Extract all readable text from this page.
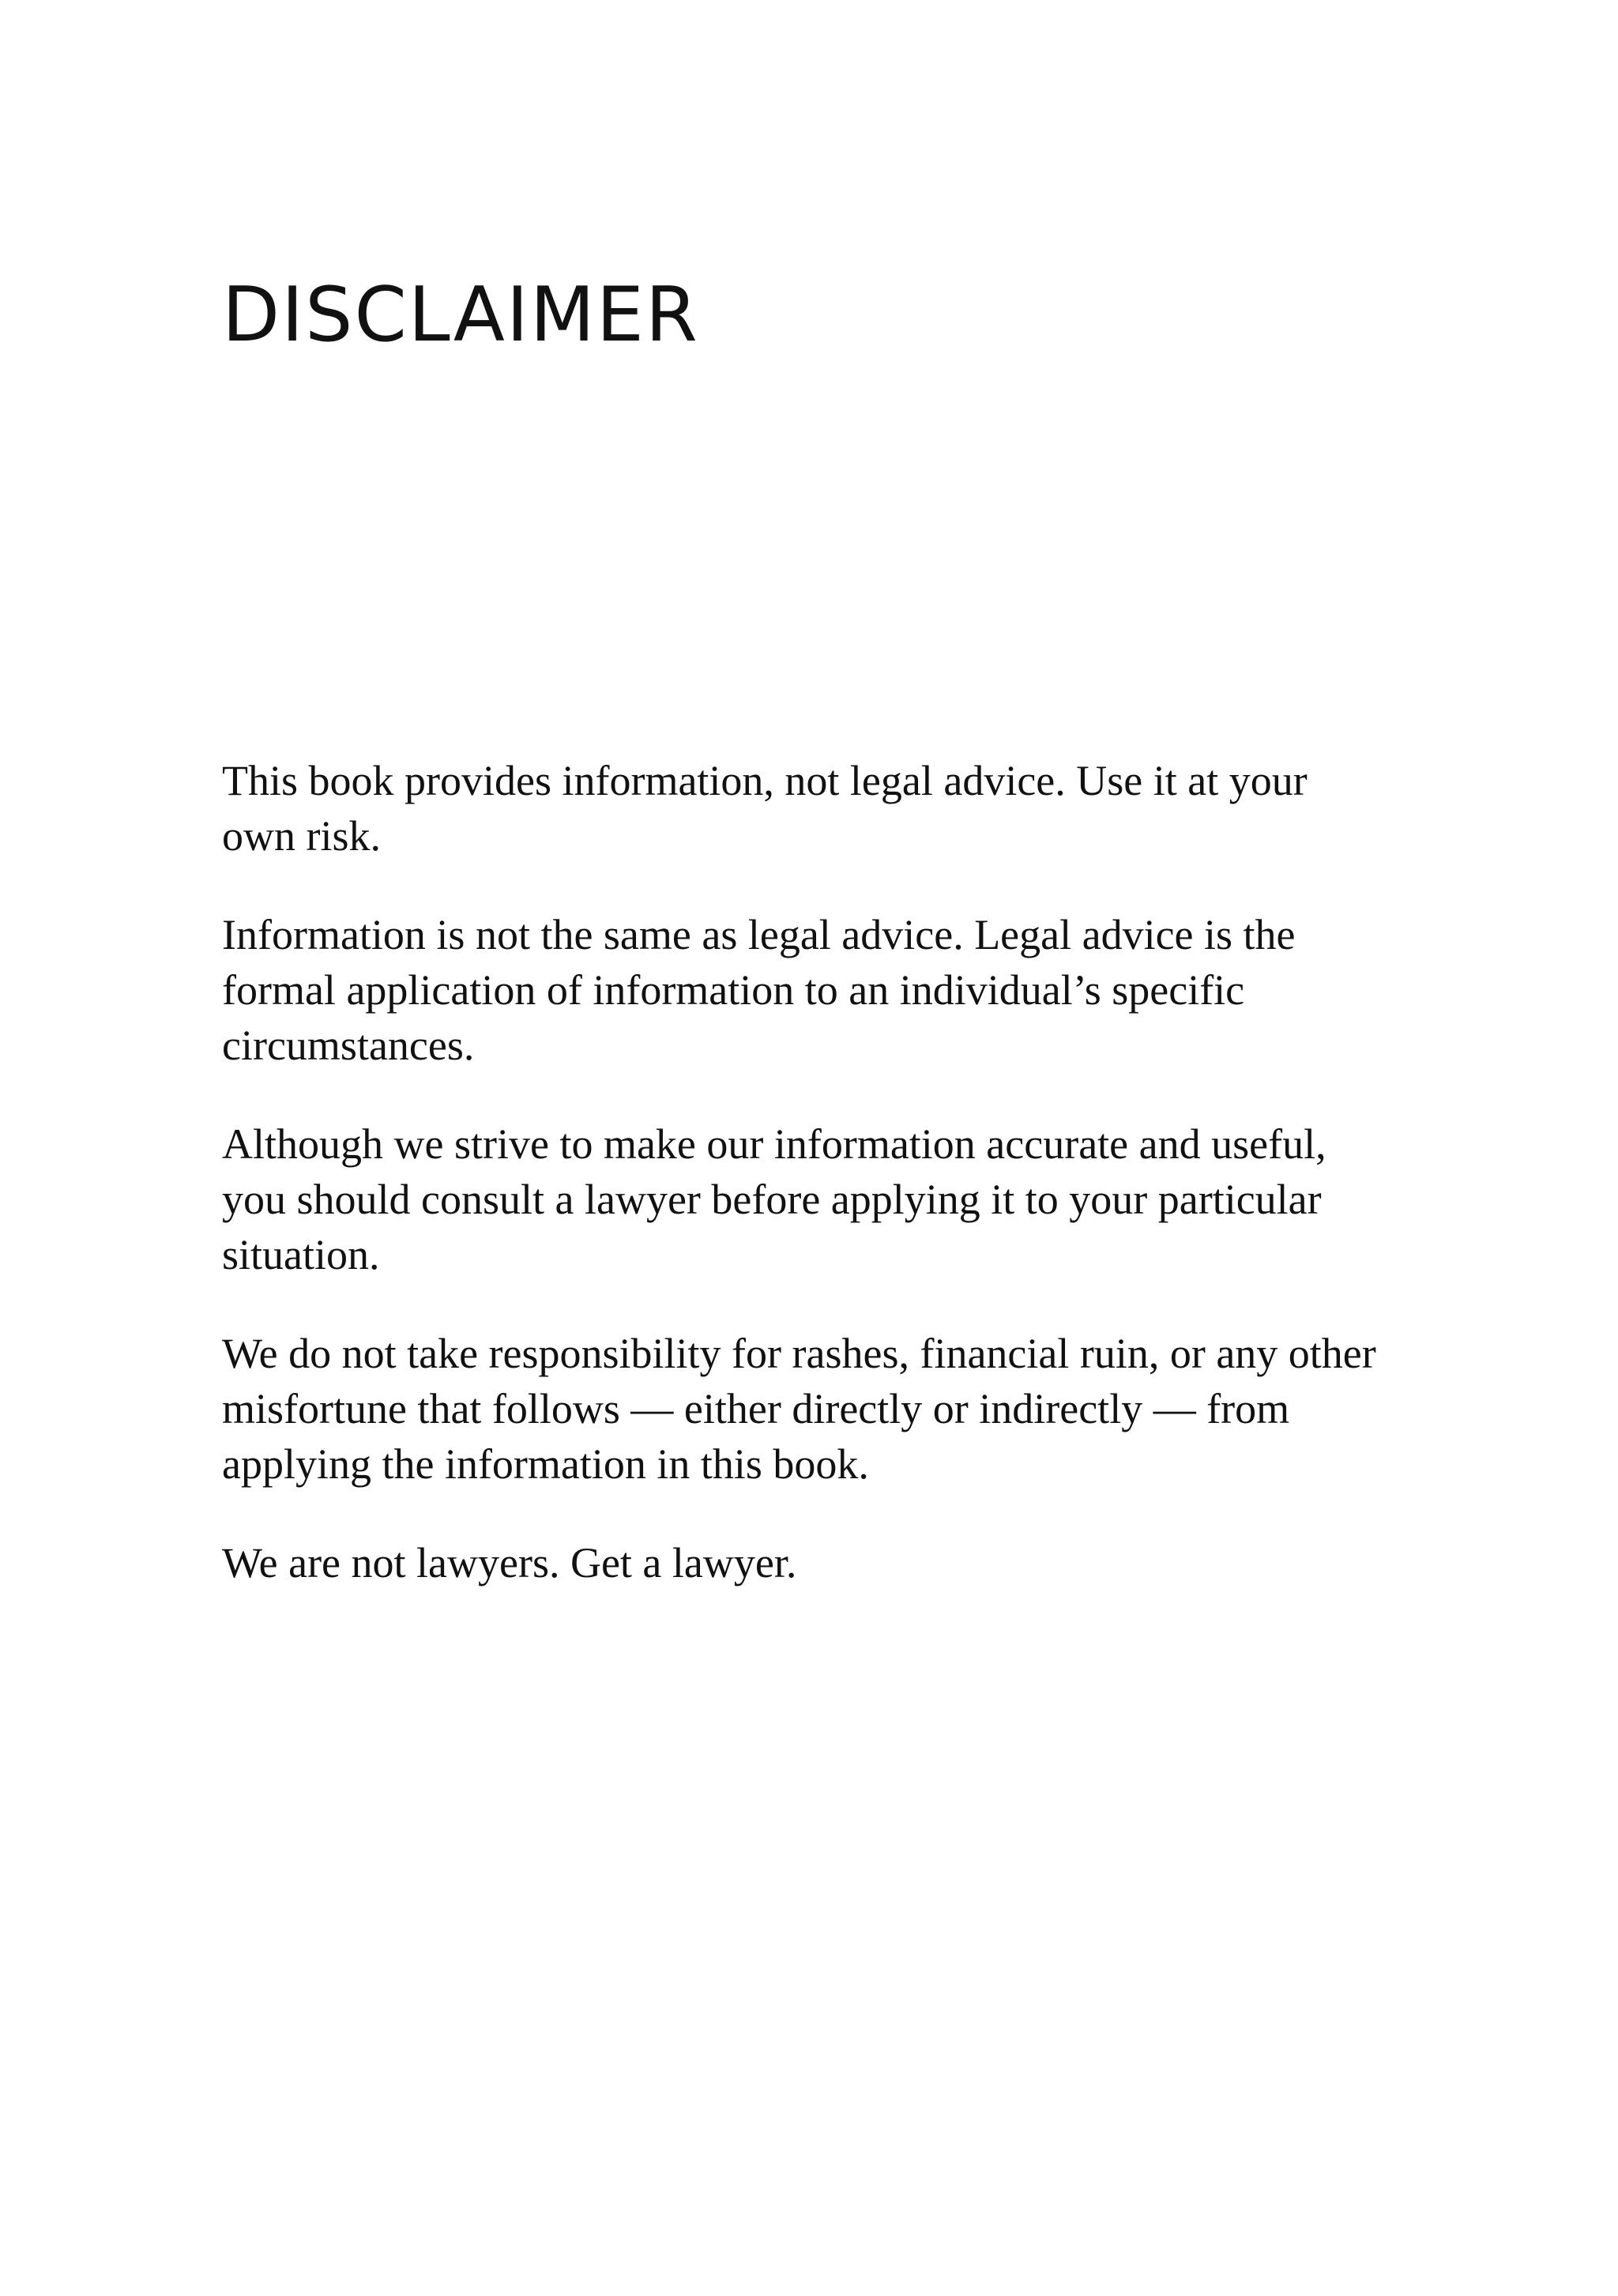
DISCLAIMER

This book provides information, not legal advice. Use it at your own risk.

Information is not the same as legal advice. Legal advice is the formal application of information to an individual’s specific circumstances.

Although we strive to make our information accurate and useful, you should consult a lawyer before applying it to your particular situation.

We do not take responsibility for rashes, financial ruin, or any other misfortune that follows — either directly or indirectly — from applying the information in this book.

We are not lawyers. Get a lawyer.
